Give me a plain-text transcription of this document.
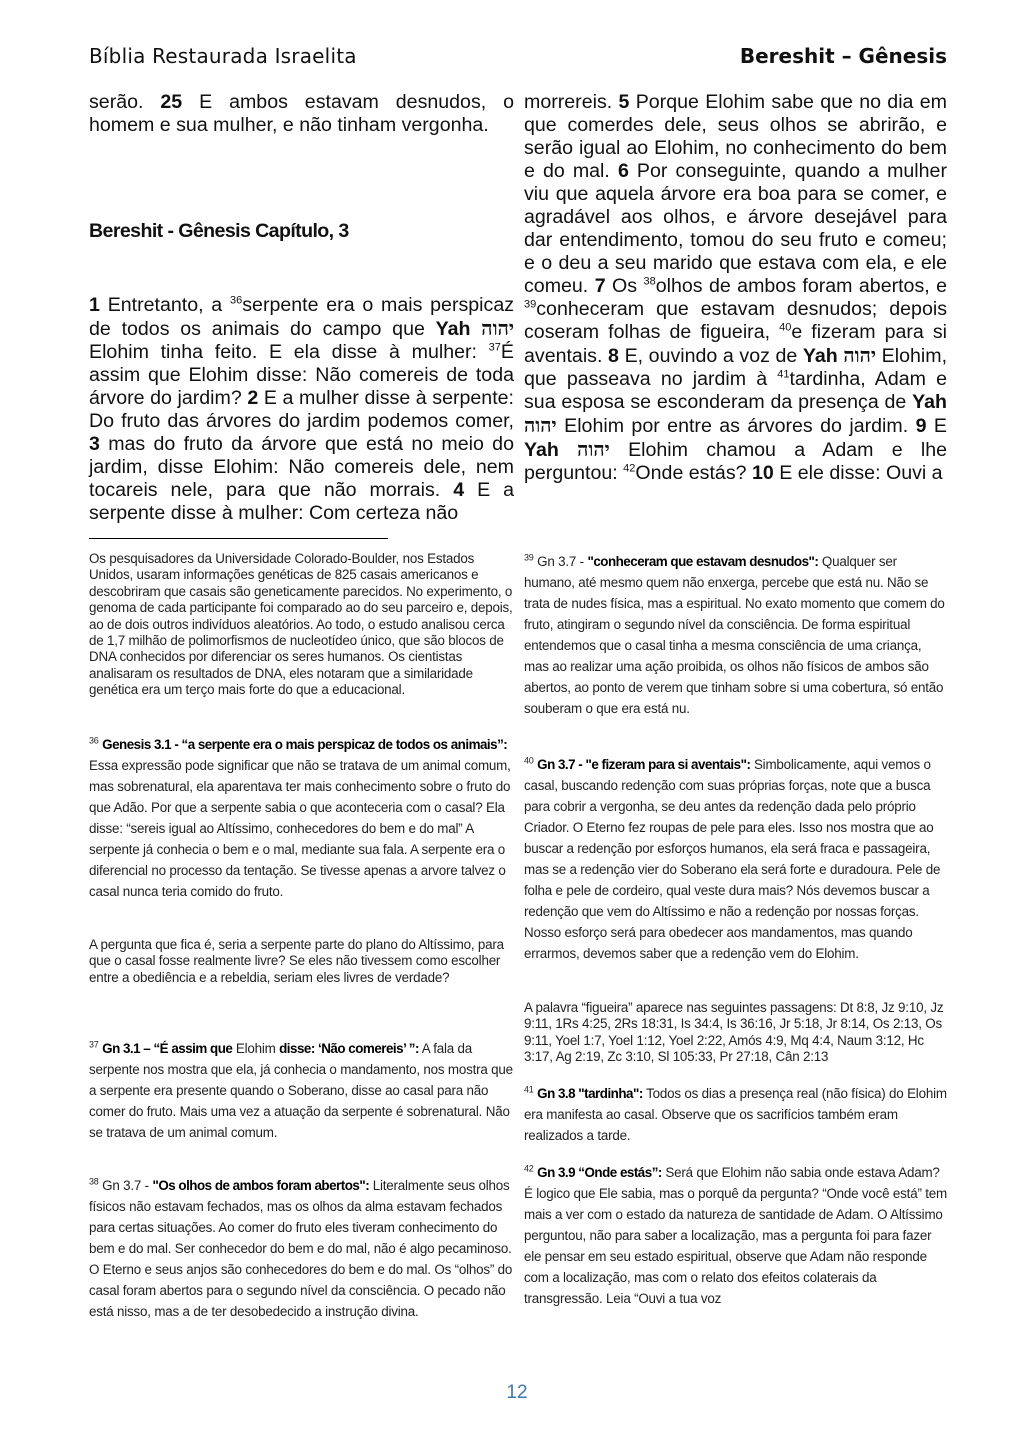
Bíblia Restaurada Israelita	Bereshit – Gênesis

serão. 25 E ambos estavam desnudos, o homem e sua mulher, e não tinham vergonha.

Bereshit - Gênesis Capítulo, 3

1 Entretanto, a $^{36}$serpente era o mais perspicaz de todos os animais do campo que Yah יהוה Elohim tinha feito. E ela disse à mulher: $^{37}$É assim que Elohim disse: Não comereis de toda árvore do jardim? 2 E a mulher disse à serpente: Do fruto das árvores do jardim podemos comer, 3 mas do fruto da árvore que está no meio do jardim, disse Elohim: Não comereis dele, nem tocareis nele, para que não morrais. 4 E a serpente disse à mulher: Com certeza não

morrereis. 5 Porque Elohim sabe que no dia em que comerdes dele, seus olhos se abrirão, e serão igual ao Elohim, no conhecimento do bem e do mal. 6 Por conseguinte, quando a mulher viu que aquela árvore era boa para se comer, e agradável aos olhos, e árvore desejável para dar entendimento, tomou do seu fruto e comeu; e o deu a seu marido que estava com ela, e ele comeu. 7 Os $^{38}$olhos de ambos foram abertos, e $^{39}$conheceram que estavam desnudos; depois coseram folhas de figueira, $^{40}$e fizeram para si aventais. 8 E, ouvindo a voz de Yah יהוה Elohim, que passeava no jardim à $^{41}$tardinha, Adam e sua esposa se esconderam da presença de Yah יהוה Elohim por entre as árvores do jardim. 9 E Yah יהוה Elohim chamou a Adam e lhe perguntou: $^{42}$Onde estás? 10 E ele disse: Ouvi a

Os pesquisadores da Universidade Colorado-Boulder, nos Estados Unidos, usaram informações genéticas de 825 casais americanos e descobriram que casais são geneticamente parecidos. No experimento, o genoma de cada participante foi comparado ao do seu parceiro e, depois, ao de dois outros indivíduos aleatórios. Ao todo, o estudo analisou cerca de 1,7 milhão de polimorfismos de nucleotídeo único, que são blocos de DNA conhecidos por diferenciar os seres humanos. Os cientistas analisaram os resultados de DNA, eles notaram que a similaridade genética era um terço mais forte do que a educacional.
$^{36}$ Genesis 3.1 - “a serpente era o mais perspicaz de todos os animais”: Essa expressão pode significar que não se tratava de um animal comum, mas sobrenatural, ela aparentava ter mais conhecimento sobre o fruto do que Adão. Por que a serpente sabia o que aconteceria com o casal? Ela disse: “sereis igual ao Altíssimo, conhecedores do bem e do mal” A serpente já conhecia o bem e o mal, mediante sua fala. A serpente era o diferencial no processo da tentação. Se tivesse apenas a arvore talvez o casal nunca teria comido do fruto.
A pergunta que fica é, seria a serpente parte do plano do Altíssimo, para que o casal fosse realmente livre? Se eles não tivessem como escolher entre a obediência e a rebeldia, seriam eles livres de verdade?
$^{37}$ Gn 3.1 – “É assim que Elohim disse: ‘Não comereis’ ”: A fala da serpente nos mostra que ela, já conhecia o mandamento, nos mostra que a serpente era presente quando o Soberano, disse ao casal para não comer do fruto. Mais uma vez a atuação da serpente é sobrenatural. Não se tratava de um animal comum.
$^{38}$ Gn 3.7 - "Os olhos de ambos foram abertos": Literalmente seus olhos físicos não estavam fechados, mas os olhos da alma estavam fechados para certas situações. Ao comer do fruto eles tiveram conhecimento do bem e do mal. Ser conhecedor do bem e do mal, não é algo pecaminoso. O Eterno e seus anjos são conhecedores do bem e do mal. Os “olhos” do casal foram abertos para o segundo nível da consciência. O pecado não está nisso, mas a de ter desobedecido a instrução divina.
$^{39}$ Gn 3.7 - "conheceram que estavam desnudos": Qualquer ser humano, até mesmo quem não enxerga, percebe que está nu. Não se trata de nudes física, mas a espiritual. No exato momento que comem do fruto, atingiram o segundo nível da consciência. De forma espiritual entendemos que o casal tinha a mesma consciência de uma criança, mas ao realizar uma ação proibida, os olhos não físicos de ambos são abertos, ao ponto de verem que tinham sobre si uma cobertura, só então souberam o que era está nu.
$^{40}$ Gn 3.7 - "e fizeram para si aventais": Simbolicamente, aqui vemos o casal, buscando redenção com suas próprias forças, note que a busca para cobrir a vergonha, se deu antes da redenção dada pelo próprio Criador. O Eterno fez roupas de pele para eles. Isso nos mostra que ao buscar a redenção por esforços humanos, ela será fraca e passageira, mas se a redenção vier do Soberano ela será forte e duradoura. Pele de folha e pele de cordeiro, qual veste dura mais? Nós devemos buscar a redenção que vem do Altíssimo e não a redenção por nossas forças. Nosso esforço será para obedecer aos mandamentos, mas quando errarmos, devemos saber que a redenção vem do Elohim.
A palavra “figueira” aparece nas seguintes passagens: Dt 8:8, Jz 9:10, Jz 9:11, 1Rs 4:25, 2Rs 18:31, Is 34:4, Is 36:16, Jr 5:18, Jr 8:14, Os 2:13, Os 9:11, Yoel 1:7, Yoel 1:12, Yoel 2:22, Amós 4:9, Mq 4:4, Naum 3:12, Hc 3:17, Ag 2:19, Zc 3:10, Sl 105:33, Pr 27:18, Cân 2:13
$^{41}$ Gn 3.8 "tardinha": Todos os dias a presença real (não física) do Elohim era manifesta ao casal. Observe que os sacrifícios também eram realizados a tarde.
$^{42}$ Gn 3.9 “Onde estás”: Será que Elohim não sabia onde estava Adam? É logico que Ele sabia, mas o porquê da pergunta? “Onde você está” tem mais a ver com o estado da natureza de santidade de Adam. O Altíssimo perguntou, não para saber a localização, mas a pergunta foi para fazer ele pensar em seu estado espiritual, observe que Adam não responde com a localização, mas com o relato dos efeitos colaterais da transgressão. Leia “Ouvi a tua voz
12
